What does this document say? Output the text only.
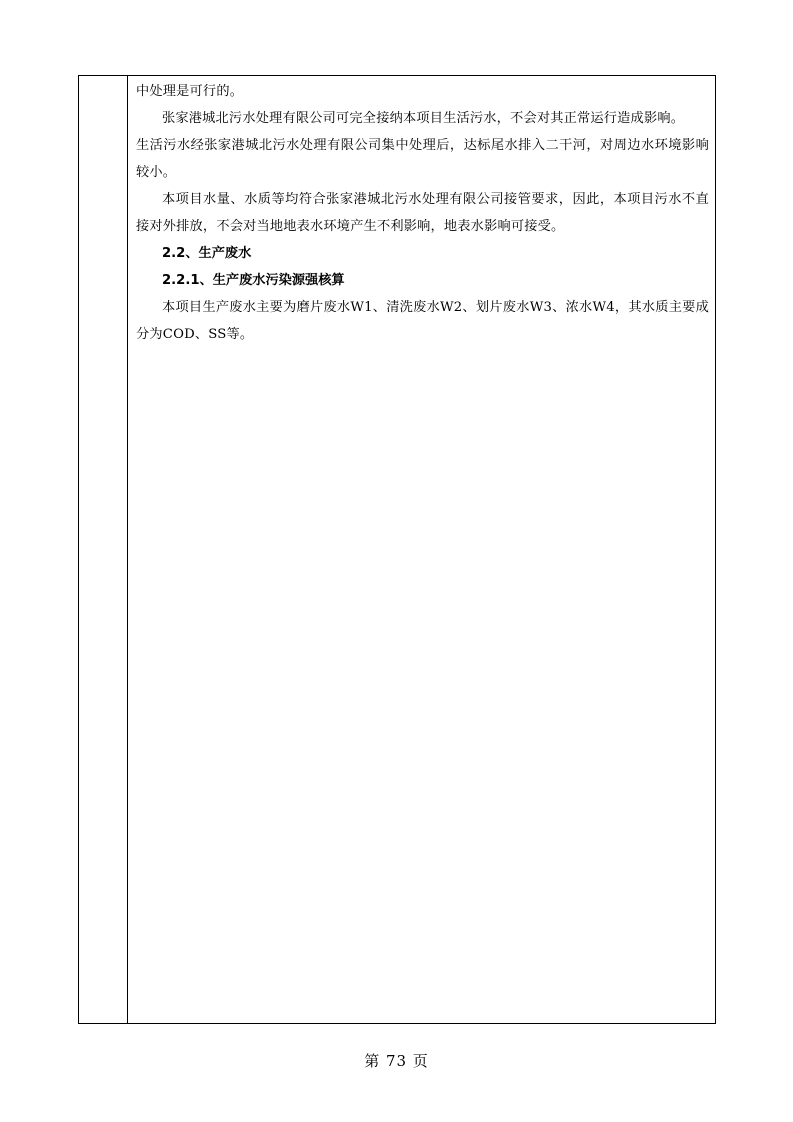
中处理是可行的。

张家港城北污水处理有限公司可完全接纳本项目生活污水，不会对其正常运行造成影响。

生活污水经张家港城北污水处理有限公司集中处理后，达标尾水排入二干河，对周边水环境影响较小。

本项目水量、水质等均符合张家港城北污水处理有限公司接管要求，因此，本项目污水不直接对外排放，不会对当地地表水环境产生不利影响，地表水影响可接受。

2.2、生产废水

2.2.1、生产废水污染源强核算

本项目生产废水主要为磨片废水W1、清洗废水W2、划片废水W3、浓水W4，其水质主要成分为COD、SS等。

第 73 页
